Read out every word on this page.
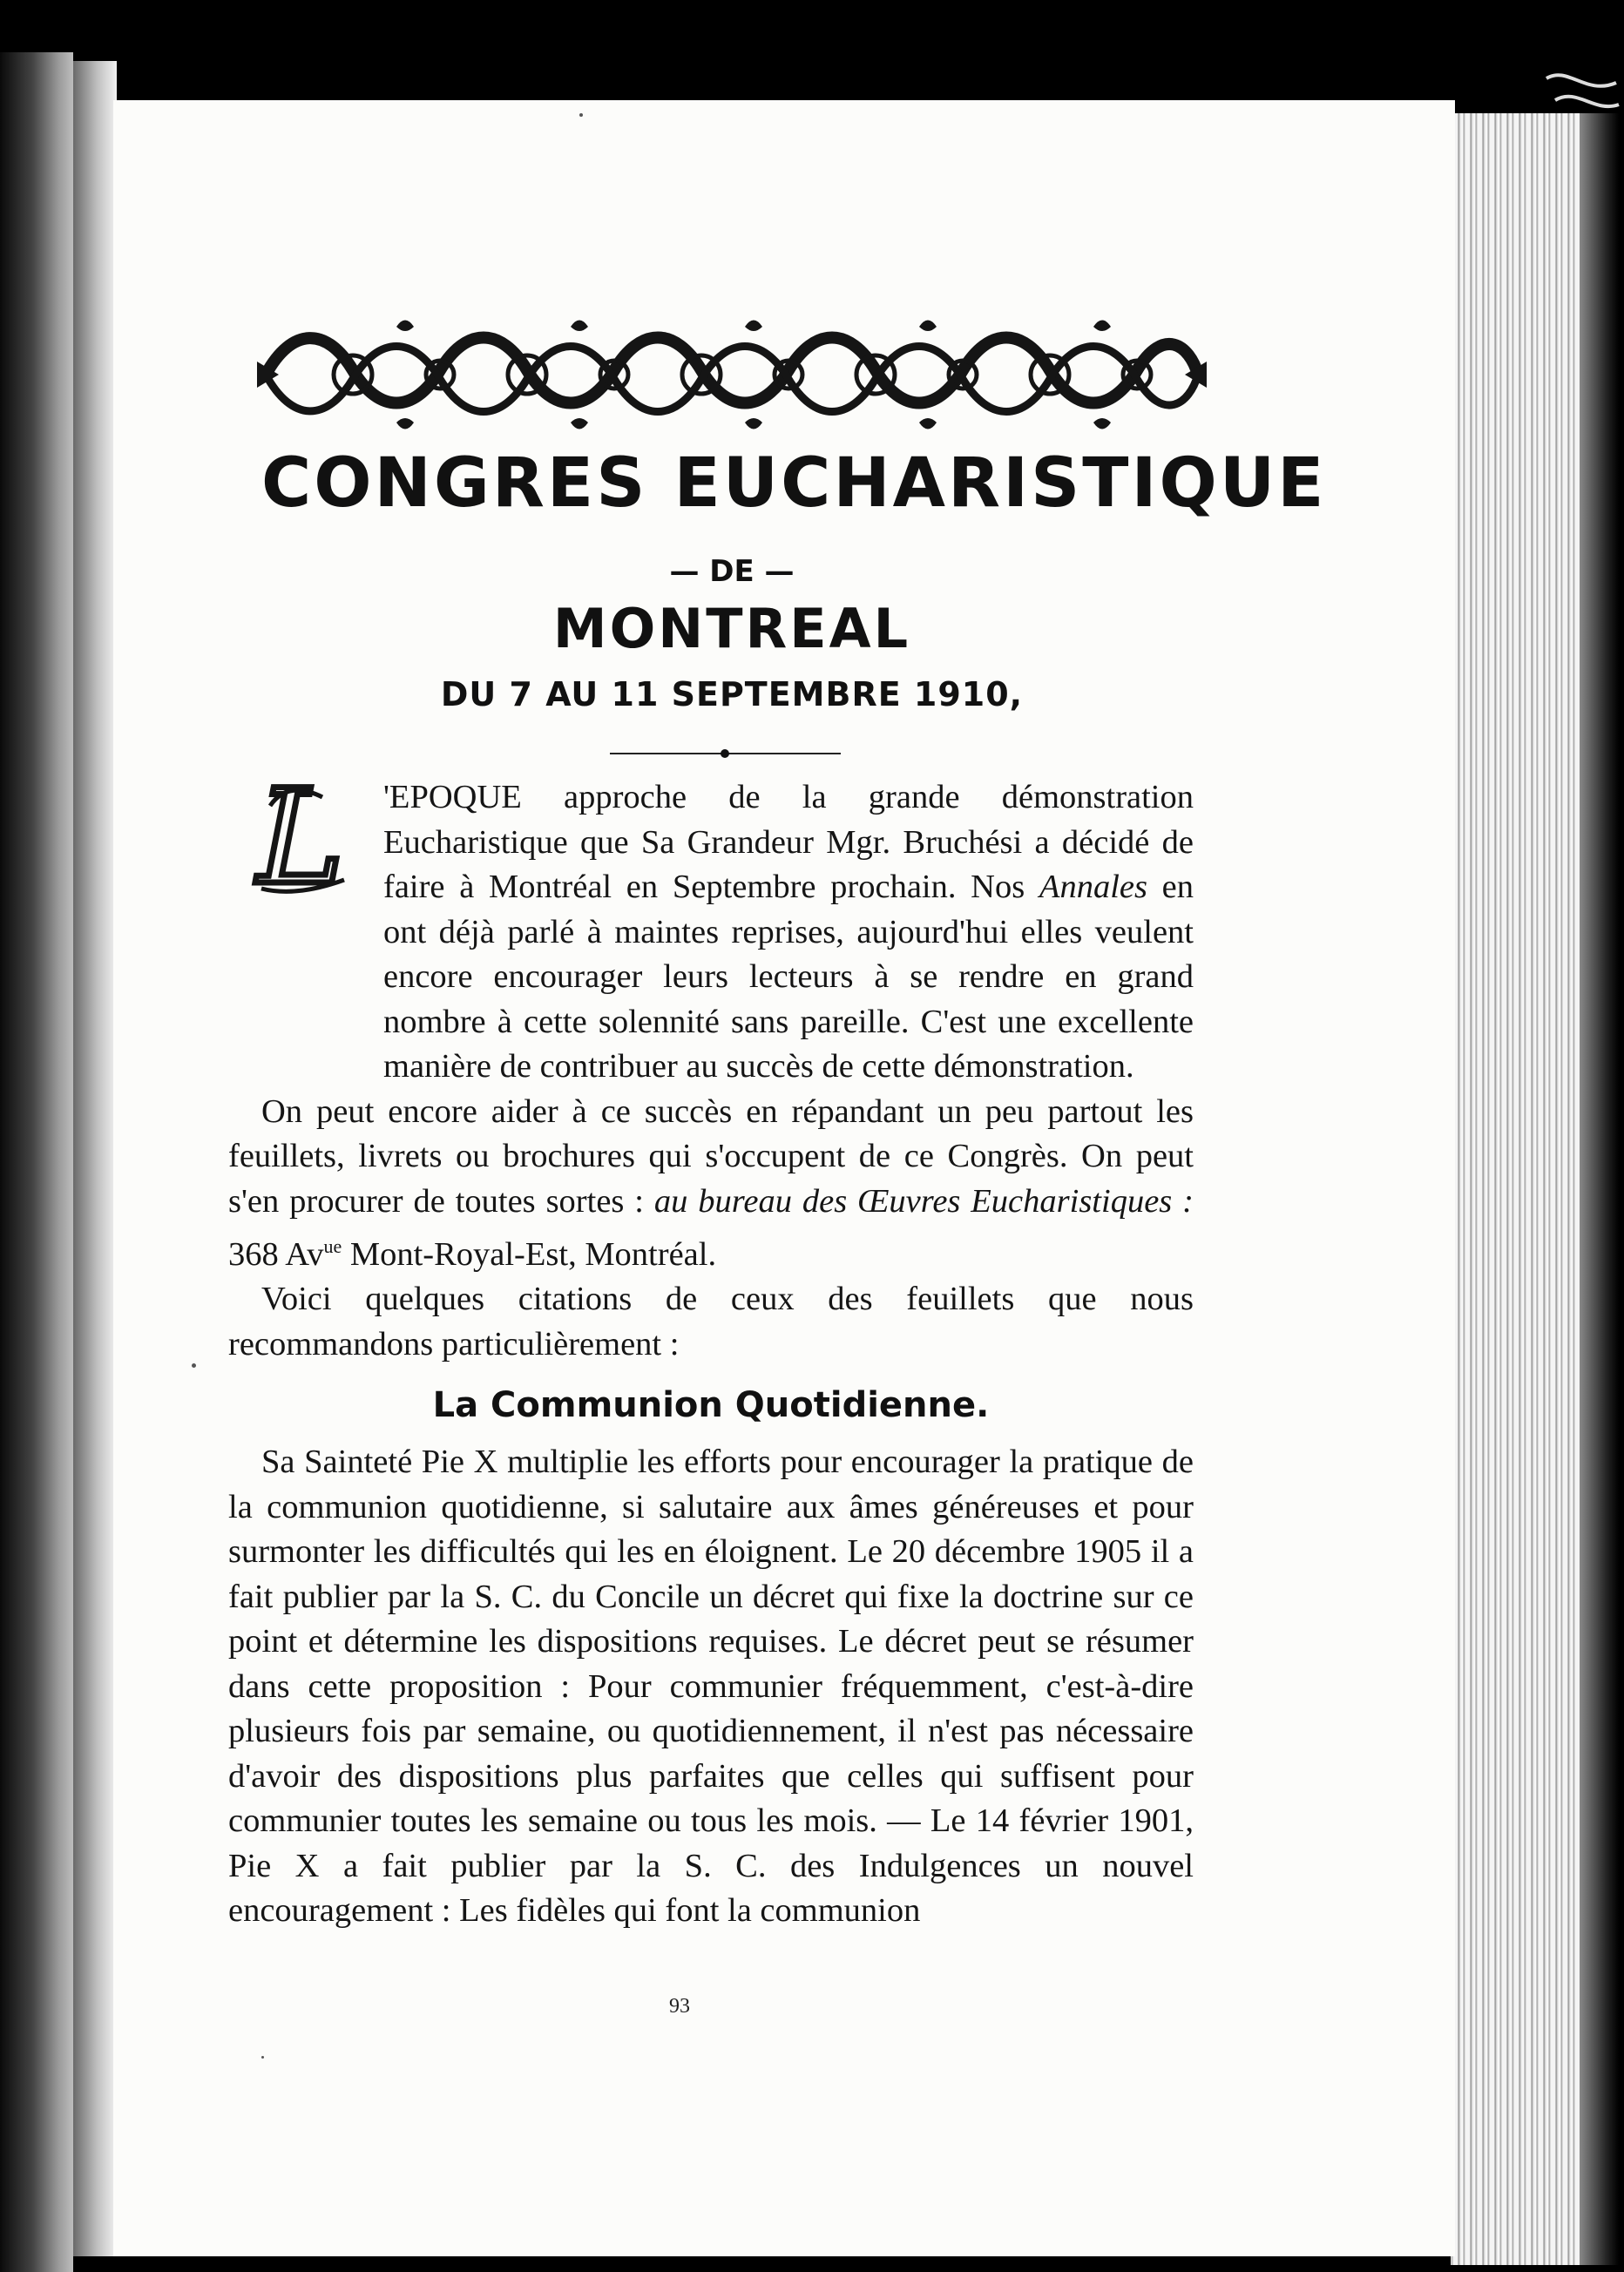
CONGRES EUCHARISTIQUE
— DE —
MONTREAL
DU 7 AU 11 SEPTEMBRE 1910,
L	'EPOQUE approche de la grande démonstration Eucharistique que Sa Grandeur Mgr. Bruchési a décidé de faire à Montréal en Septembre prochain. Nos Annales en ont déjà parlé à maintes reprises, aujourd'hui elles veulent encore encourager leurs lecteurs à se rendre en grand nombre à cette solennité sans pareille. C'est une excellente manière de contribuer au succès de cette démonstration.

On peut encore aider à ce succès en répandant un peu partout les feuillets, livrets ou brochures qui s'occupent de ce Congrès. On peut s'en procurer de toutes sortes : au bureau des Œuvres Eucharistiques : 368 $Av^{ue}$ Mont-Royal-Est, Montréal.

Voici quelques citations de ceux des feuillets que nous recommandons particulièrement :

La Communion Quotidienne.

Sa Sainteté Pie X multiplie les efforts pour encourager la pratique de la communion quotidienne, si salutaire aux âmes généreuses et pour surmonter les difficultés qui les en éloignent. Le 20 décembre 1905 il a fait publier par la S. C. du Concile un décret qui fixe la doctrine sur ce point et détermine les dispositions requises. Le décret peut se résumer dans cette proposition : Pour communier fréquemment, c'est-à-dire plusieurs fois par semaine, ou quotidiennement, il n'est pas nécessaire d'avoir des dispositions plus parfaites que celles qui suffisent pour communier toutes les semaine ou tous les mois. — Le 14 février 1901, Pie X a fait publier par la S. C. des Indulgences un nouvel encouragement : Les fidèles qui font la communion

93
